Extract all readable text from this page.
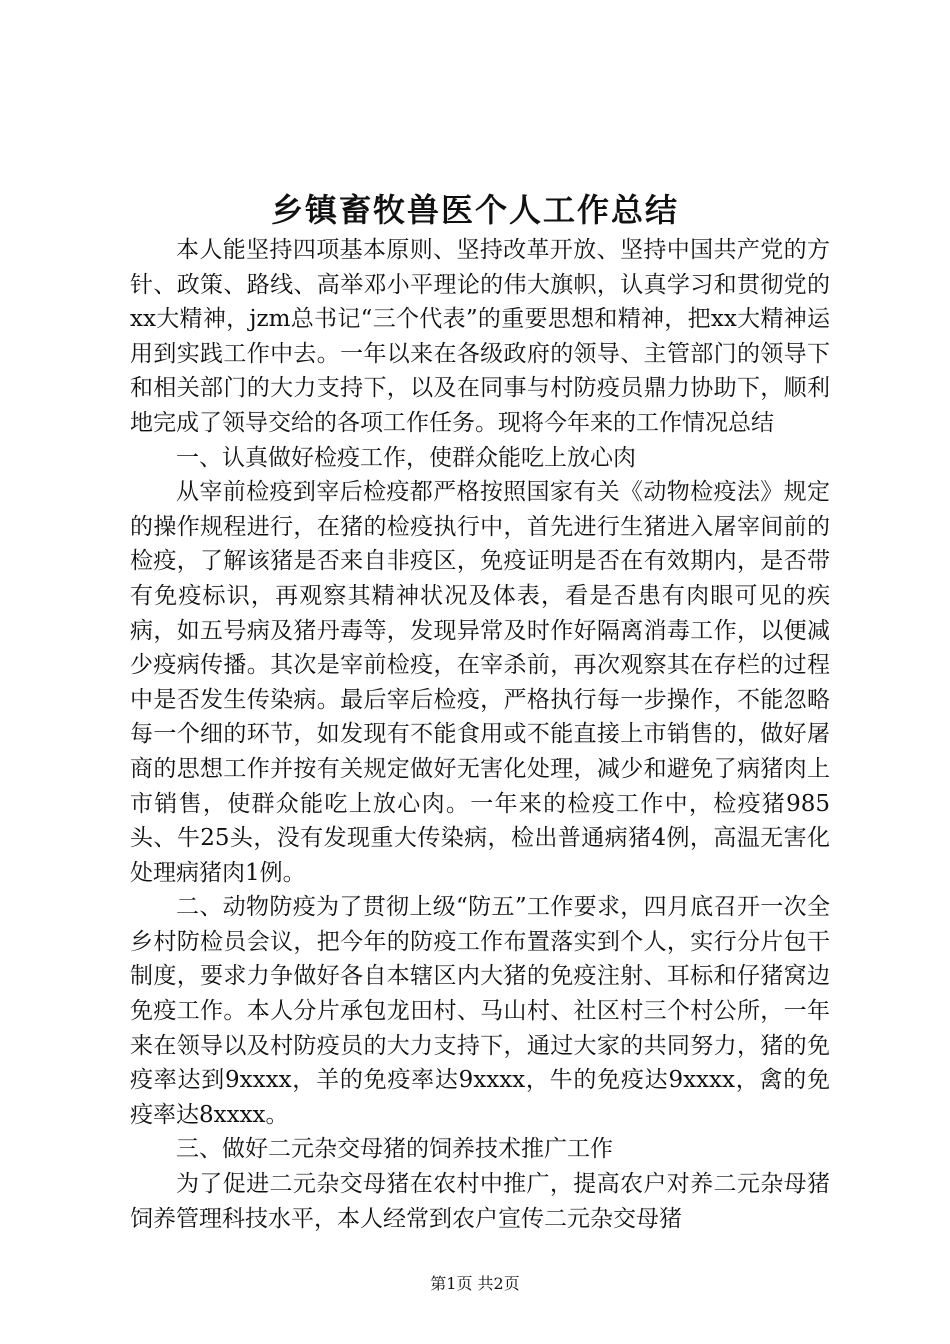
乡镇畜牧兽医个人工作总结

本人能坚持四项基本原则、坚持改革开放、坚持中国共产党的方针、政策、路线、高举邓小平理论的伟大旗帜，认真学习和贯彻党的xx大精神，jzm总书记“三个代表”的重要思想和精神，把xx大精神运用到实践工作中去。一年以来在各级政府的领导、主管部门的领导下和相关部门的大力支持下，以及在同事与村防疫员鼎力协助下，顺利地完成了领导交给的各项工作任务。现将今年来的工作情况总结

一、认真做好检疫工作，使群众能吃上放心肉

从宰前检疫到宰后检疫都严格按照国家有关《动物检疫法》规定的操作规程进行，在猪的检疫执行中，首先进行生猪进入屠宰间前的检疫，了解该猪是否来自非疫区，免疫证明是否在有效期内，是否带有免疫标识，再观察其精神状况及体表，看是否患有肉眼可见的疾病，如五号病及猪丹毒等，发现异常及时作好隔离消毒工作，以便减少疫病传播。其次是宰前检疫，在宰杀前，再次观察其在存栏的过程中是否发生传染病。最后宰后检疫，严格执行每一步操作，不能忽略每一个细的环节，如发现有不能食用或不能直接上市销售的，做好屠商的思想工作并按有关规定做好无害化处理，减少和避免了病猪肉上市销售，使群众能吃上放心肉。一年来的检疫工作中，检疫猪985头、牛25头，没有发现重大传染病，检出普通病猪4例，高温无害化处理病猪肉1例。

二、动物防疫为了贯彻上级“防五”工作要求，四月底召开一次全乡村防检员会议，把今年的防疫工作布置落实到个人，实行分片包干制度，要求力争做好各自本辖区内大猪的免疫注射、耳标和仔猪窝边免疫工作。本人分片承包龙田村、马山村、社区村三个村公所，一年来在领导以及村防疫员的大力支持下，通过大家的共同努力，猪的免疫率达到9xxxx，羊的免疫率达9xxxx，牛的免疫达9xxxx，禽的免疫率达8xxxx。

三、做好二元杂交母猪的饲养技术推广工作

为了促进二元杂交母猪在农村中推广，提高农户对养二元杂母猪饲养管理科技水平，本人经常到农户宣传二元杂交母猪

第1页 共2页
